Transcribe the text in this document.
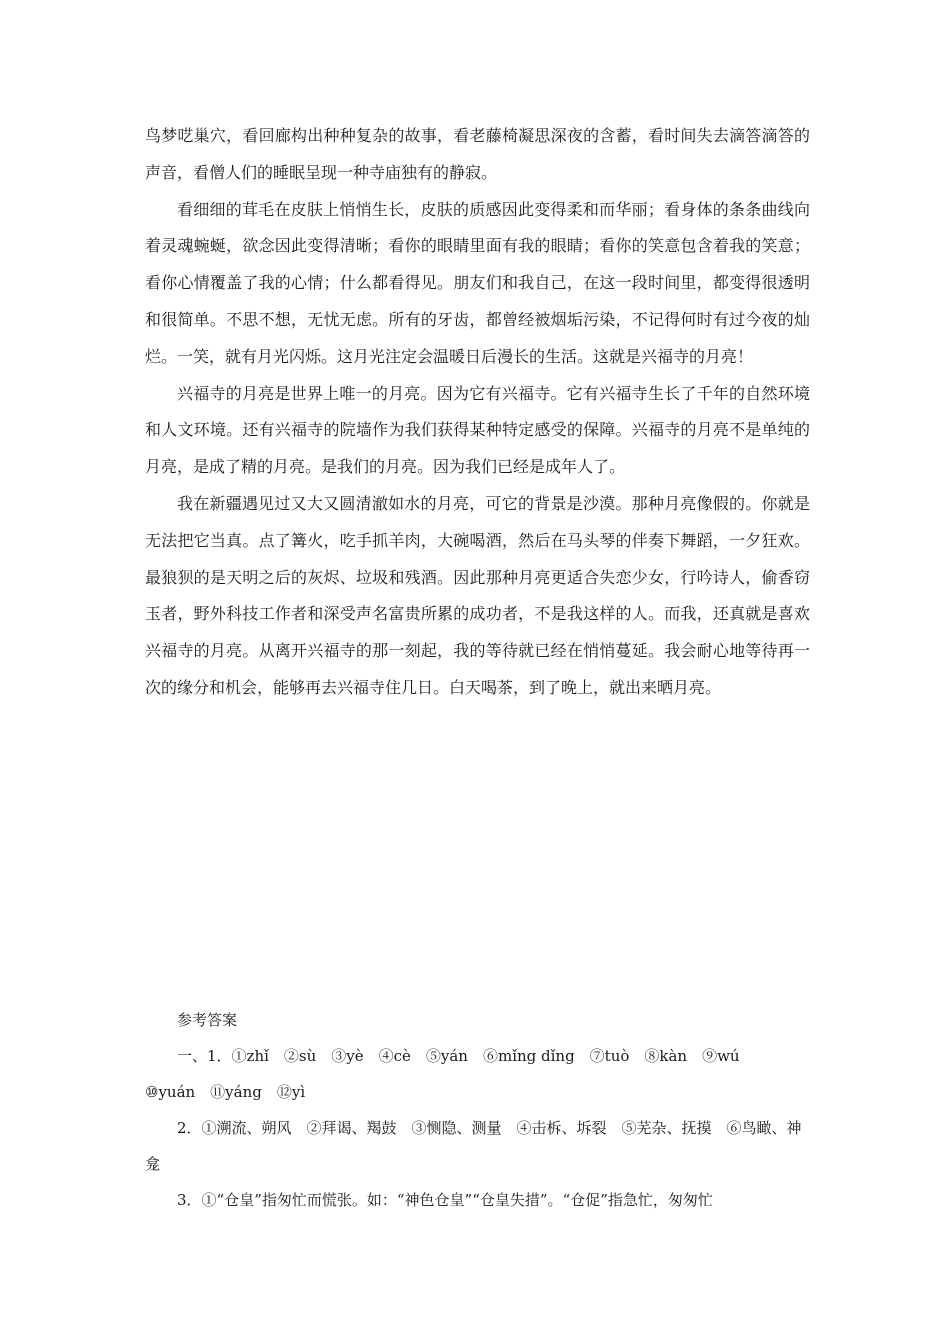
鸟梦呓巢穴，看回廊构出种种复杂的故事，看老藤椅凝思深夜的含蓄，看时间失去滴答滴答的声音，看僧人们的睡眠呈现一种寺庙独有的静寂。

看细细的茸毛在皮肤上悄悄生长，皮肤的质感因此变得柔和而华丽；看身体的条条曲线向着灵魂蜿蜒，欲念因此变得清晰；看你的眼睛里面有我的眼睛；看你的笑意包含着我的笑意；看你心情覆盖了我的心情；什么都看得见。朋友们和我自己，在这一段时间里，都变得很透明和很简单。不思不想，无忧无虑。所有的牙齿，都曾经被烟垢污染，不记得何时有过今夜的灿烂。一笑，就有月光闪烁。这月光注定会温暖日后漫长的生活。这就是兴福寺的月亮！

兴福寺的月亮是世界上唯一的月亮。因为它有兴福寺。它有兴福寺生长了千年的自然环境和人文环境。还有兴福寺的院墙作为我们获得某种特定感受的保障。兴福寺的月亮不是单纯的月亮，是成了精的月亮。是我们的月亮。因为我们已经是成年人了。

我在新疆遇见过又大又圆清澈如水的月亮，可它的背景是沙漠。那种月亮像假的。你就是无法把它当真。点了篝火，吃手抓羊肉，大碗喝酒，然后在马头琴的伴奏下舞蹈，一夕狂欢。最狼狈的是天明之后的灰烬、垃圾和残酒。因此那种月亮更适合失恋少女，行吟诗人，偷香窃玉者，野外科技工作者和深受声名富贵所累的成功者，不是我这样的人。而我，还真就是喜欢兴福寺的月亮。从离开兴福寺的那一刻起，我的等待就已经在悄悄蔓延。我会耐心地等待再一次的缘分和机会，能够再去兴福寺住几日。白天喝茶，到了晚上，就出来晒月亮。

参考答案

一、1．①zhǐ　②sù　③yè　④cè　⑤yán　⑥mǐng dǐng　⑦tuò　⑧kàn　⑨wú

⑩yuán　⑪yáng　⑫yì

2．①溯流、朔风　②拜谒、羯鼓　③恻隐、测量　④击柝、坼裂　⑤芜杂、抚摸　⑥鸟瞰、神龛

3．①“仓皇”指匆忙而慌张。如：“神色仓皇”“仓皇失措”。“仓促”指急忙，匆匆忙
